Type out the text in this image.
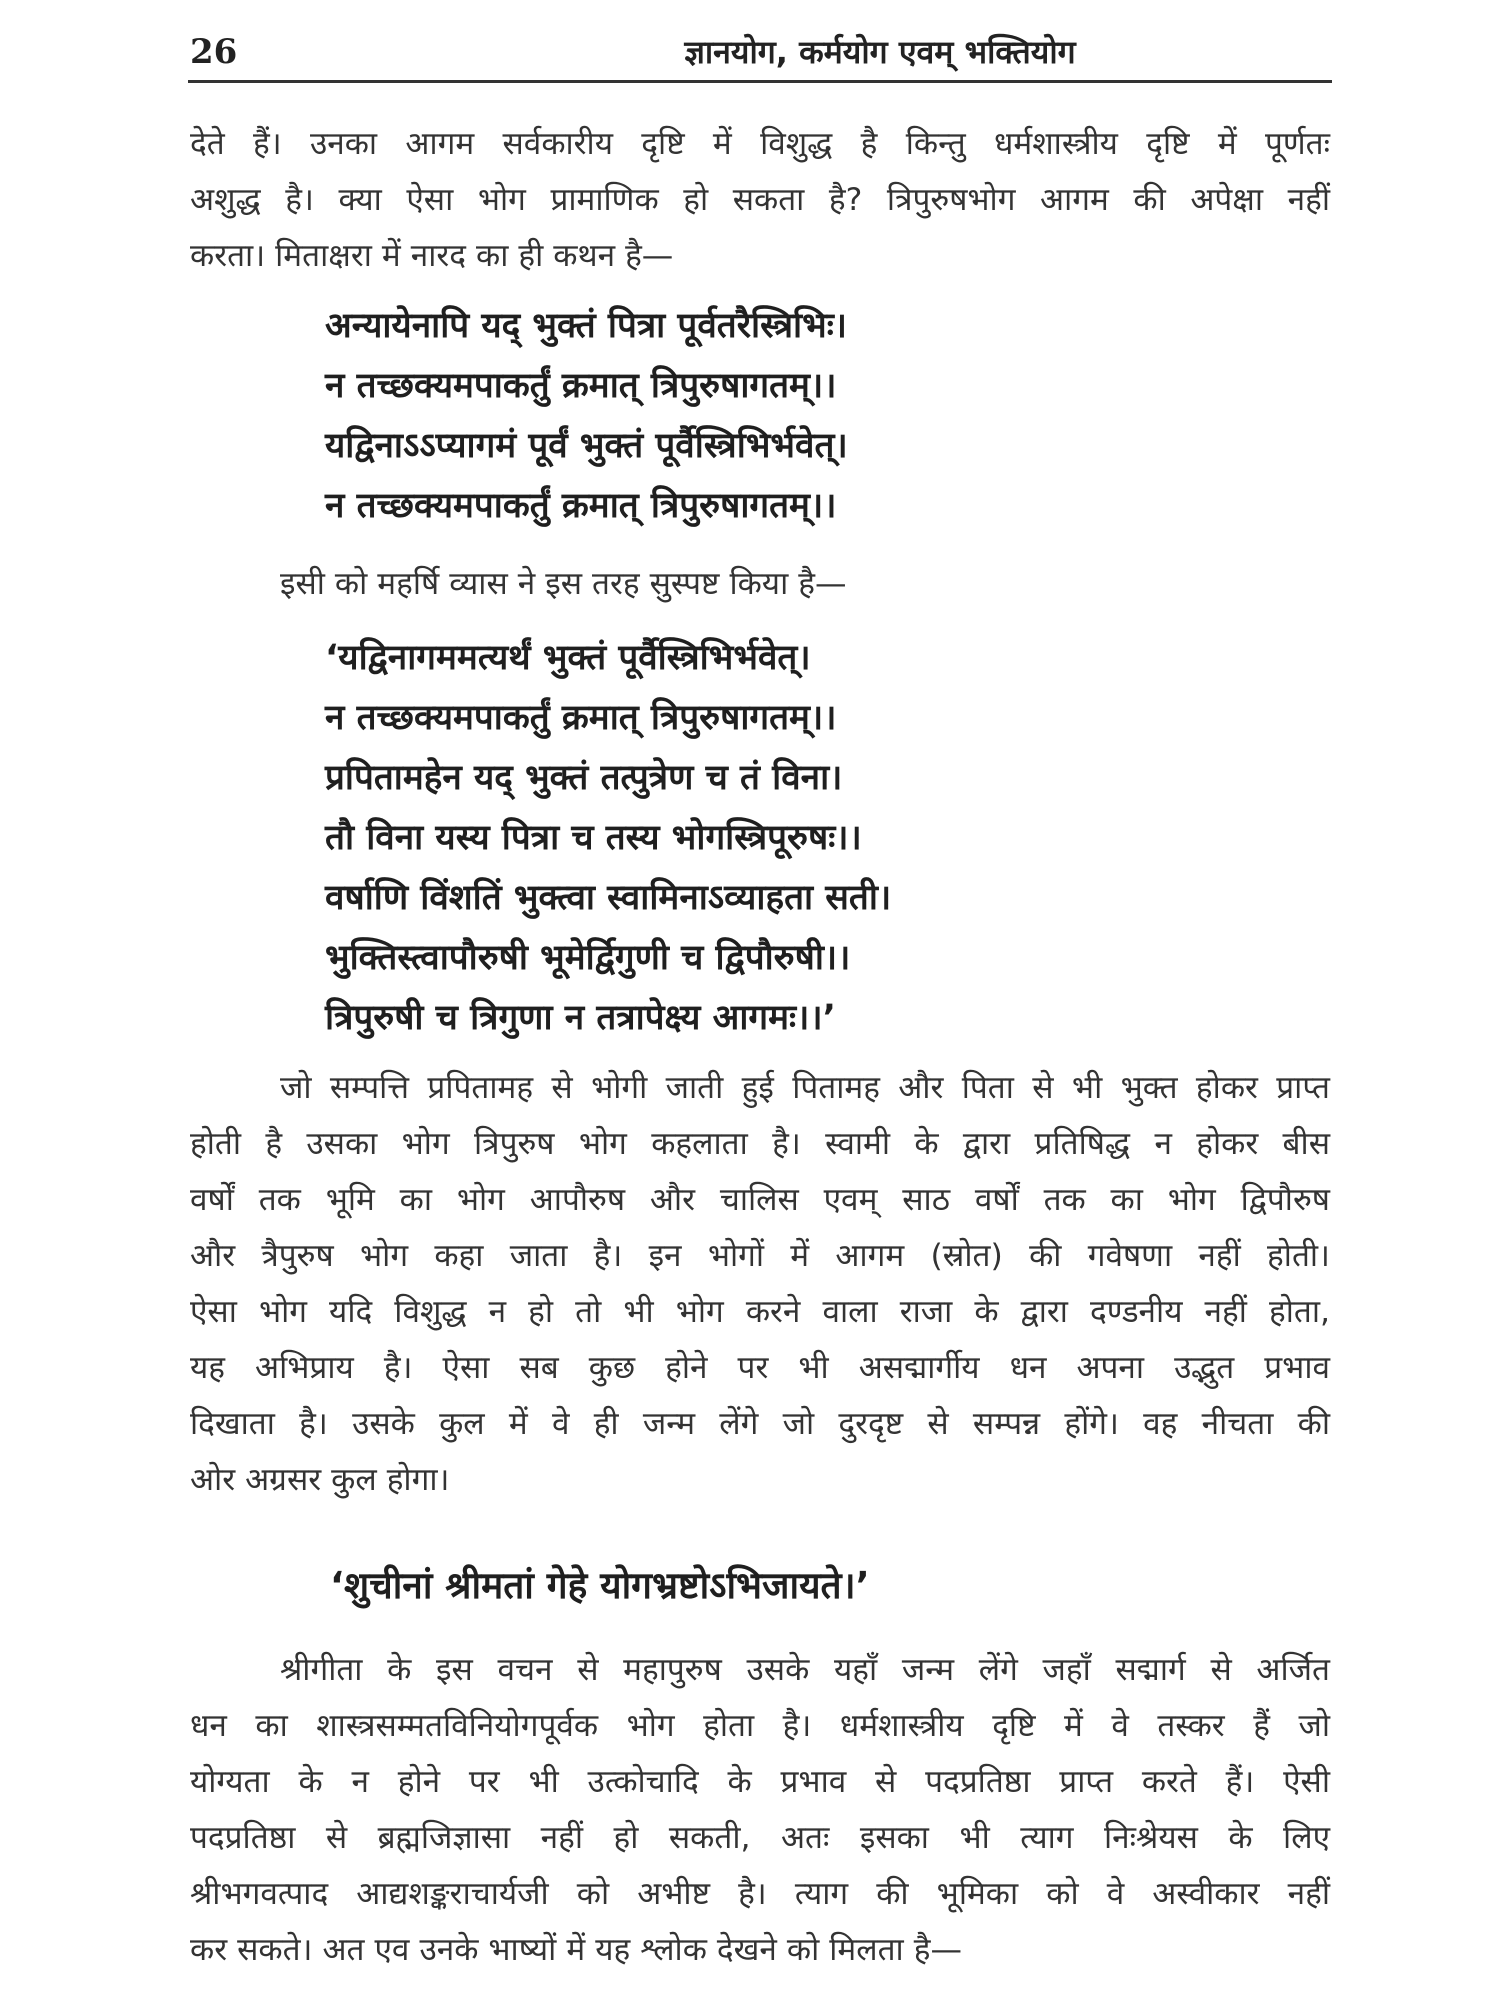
26	ज्ञानयोग, कर्मयोग एवम् भक्तियोग

देते हैं। उनका आगम सर्वकारीय दृष्टि में विशुद्ध है किन्तु धर्मशास्त्रीय दृष्टि में पूर्णतः
अशुद्ध है। क्या ऐसा भोग प्रामाणिक हो सकता है? त्रिपुरुषभोग आगम की अपेक्षा नहीं
करता। मिताक्षरा में नारद का ही कथन है—

अन्यायेनापि यद् भुक्तं पित्रा पूर्वतरैस्त्रिभिः।
न तच्छक्यमपाकर्तुं क्रमात् त्रिपुरुषागतम्।।
यद्विनाऽऽप्यागमं पूर्वं भुक्तं पूर्वैस्त्रिभिर्भवेत्।
न तच्छक्यमपाकर्तुं क्रमात् त्रिपुरुषागतम्।।
इसी को महर्षि व्यास ने इस तरह सुस्पष्ट किया है—
‘यद्विनागममत्यर्थं भुक्तं पूर्वैस्त्रिभिर्भवेत्।
न तच्छक्यमपाकर्तुं क्रमात् त्रिपुरुषागतम्।।
प्रपितामहेन यद् भुक्तं तत्पुत्रेण च तं विना।
तौ विना यस्य पित्रा च तस्य भोगस्त्रिपूरुषः।।
वर्षाणि विंशतिं भुक्त्वा स्वामिनाऽव्याहता सती।
भुक्तिस्त्वापौरुषी भूमेर्द्विगुणी च द्विपौरुषी।।
त्रिपुरुषी च त्रिगुणा न तत्रापेक्ष्य आगमः।।’

जो सम्पत्ति प्रपितामह से भोगी जाती हुई पितामह और पिता से भी भुक्त होकर प्राप्त
होती है उसका भोग त्रिपुरुष भोग कहलाता है। स्वामी के द्वारा प्रतिषिद्ध न होकर बीस
वर्षों तक भूमि का भोग आपौरुष और चालिस एवम् साठ वर्षों तक का भोग द्विपौरुष
और त्रैपुरुष भोग कहा जाता है। इन भोगों में आगम (स्रोत) की गवेषणा नहीं होती।
ऐसा भोग यदि विशुद्ध न हो तो भी भोग करने वाला राजा के द्वारा दण्डनीय नहीं होता,
यह अभिप्राय है। ऐसा सब कुछ होने पर भी असद्मार्गीय धन अपना उद्भुत प्रभाव
दिखाता है। उसके कुल में वे ही जन्म लेंगे जो दुरदृष्ट से सम्पन्न होंगे। वह नीचता की
ओर अग्रसर कुल होगा।

‘शुचीनां श्रीमतां गेहे योगभ्रष्टोऽभिजायते।’

श्रीगीता के इस वचन से महापुरुष उसके यहाँ जन्म लेंगे जहाँ सद्मार्ग से अर्जित
धन का शास्त्रसम्मतविनियोगपूर्वक भोग होता है। धर्मशास्त्रीय दृष्टि में वे तस्कर हैं जो
योग्यता के न होने पर भी उत्कोचादि के प्रभाव से पदप्रतिष्ठा प्राप्त करते हैं। ऐसी
पदप्रतिष्ठा से ब्रह्मजिज्ञासा नहीं हो सकती, अतः इसका भी त्याग निःश्रेयस के लिए
श्रीभगवत्पाद आद्यशङ्कराचार्यजी को अभीष्ट है। त्याग की भूमिका को वे अस्वीकार नहीं
कर सकते। अत एव उनके भाष्यों में यह श्लोक देखने को मिलता है—
